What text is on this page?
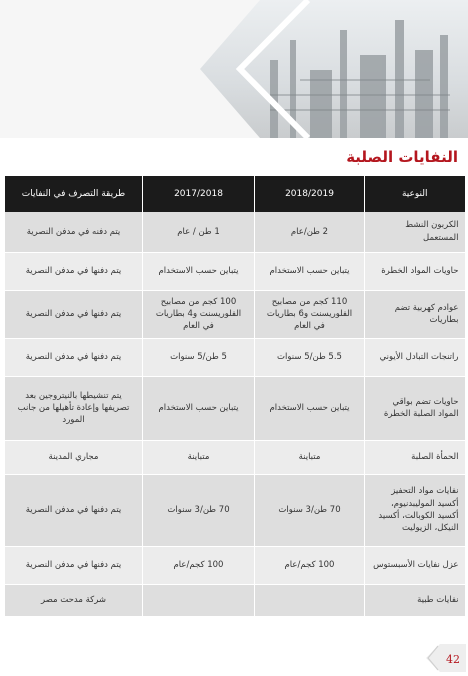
النفايات الصلبة
النوعية	2018/2019	2017/2018	طريقة التصرف في النفايات
الكربون النشط المستعمل	2 طن/عام	1 طن / عام	يتم دفنه في مدفن النصرية
حاويات المواد الخطرة	يتباين حسب الاستخدام	يتباين حسب الاستخدام	يتم دفنها في مدفن النصرية
عوادم كهربية تضم بطاريات	110 كجم من مصابيح الفلوريسنت و6 بطاريات في العام	100 كجم من مصابيح الفلوريسنت و4 بطاريات في العام	يتم دفنها في مدفن النصرية
راتنجات التبادل الأيوني	5.5 طن/5 سنوات	5 طن/5 سنوات	يتم دفنها في مدفن النصرية
حاويات تضم بواقي المواد الصلبة الخطرة	يتباين حسب الاستخدام	يتباين حسب الاستخدام	يتم تنشيطها بالنيتروجين بعد تصريفها وإعادة تأهيلها من جانب المورد
الحمأة الصلبة	متباينة	متباينة	مجاري المدينة
نفايات مواد التحفيز أكسيد الموليبدنيوم، أكسيد الكوبالت، أكسيد النيكل، الزيوليت	70 طن/3 سنوات	70 طن/3 سنوات	يتم دفنها في مدفن النصرية
عزل نفايات الأسبستوس	100 كجم/عام	100 كجم/عام	يتم دفنها في مدفن النصرية
نفايات طبية			شركة مدحت مصر
42
